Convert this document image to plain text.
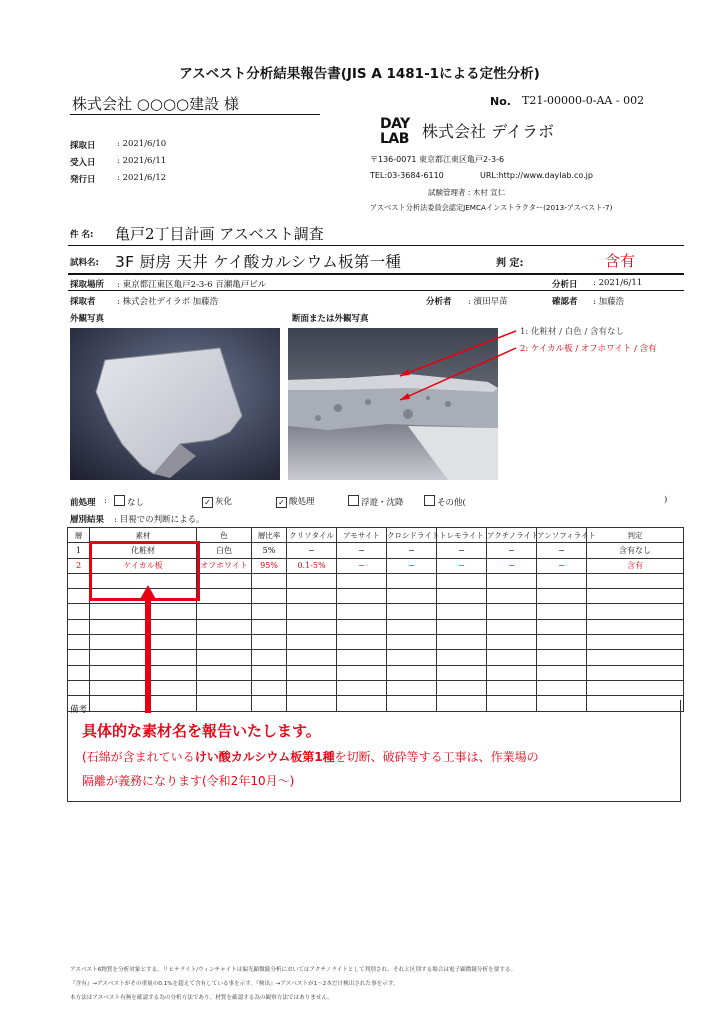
アスベスト分析結果報告書(JIS A 1481-1による定性分析)
株式会社 ○○○○建設 様	No. T21-00000-0-AA - 002
採取日	: 2021/6/10
受入日	: 2021/6/11
発行日	: 2021/6/12
DAY
LAB 株式会社 デイラボ
〒136-0071 東京都江東区亀戸2-3-6
TEL:03-3684-6110	URL:http://www.daylab.co.jp
試験管理者 : 木村 宣仁
アスベスト分析法委員会認定JEMCAインストラクター(2013-アスベスト-7)
件 名: 亀戸2丁目計画 アスベスト調査
試料名: 3F 厨房 天井 ケイ酸カルシウム板第一種	判 定:	含有
採取場所 : 東京都江東区亀戸2-3-6 百瀬亀戸ビル	分析日 : 2021/6/11
採取者	: 株式会社デイラボ 加藤浩	分析者 : 濱田早苗	確認者 : 加藤浩
外観写真	断面または外観写真
1: 化粧材 / 白色 / 含有なし
2: ケイカル板 / オフホワイト / 含有
前処理 :	なし	✓ 灰化	✓ 酸処理	浮遊・沈降	その他(	)
層別結果 : 目視での判断による。
層	素材	色	層比率	クリソタイル	アモサイト	クロシドライト	トレモライト	アクチノライト	アンソフィライト	判定
1	化粧材	白色	5%	−	−	−	−	−	−	含有なし
2	ケイカル板	オフホワイト	95%	0.1-5%	−	−	−	−	−	含有

備考
具体的な素材名を報告いたします。
(石綿が含まれているけい酸カルシウム板第1種を切断、破砕等する工事は、作業場の
隔離が義務になります(令和2年10月〜)
アスベスト6物質を分析対象とする。リヒテライト/ウィンチャイトは偏光顕微鏡分析においてはアクチノライトとして判別され、それと区別する場合は電子顕微鏡分析を要する。
『含有』→アスベストがその重量の0.1%を超えて含有している事を示す。『検出』→アスベストが1〜2本だけ検出された事を示す。
本方法はアスベスト有無を確認する為の分析方法であり、材質を確認する為の観察方法ではありません。
